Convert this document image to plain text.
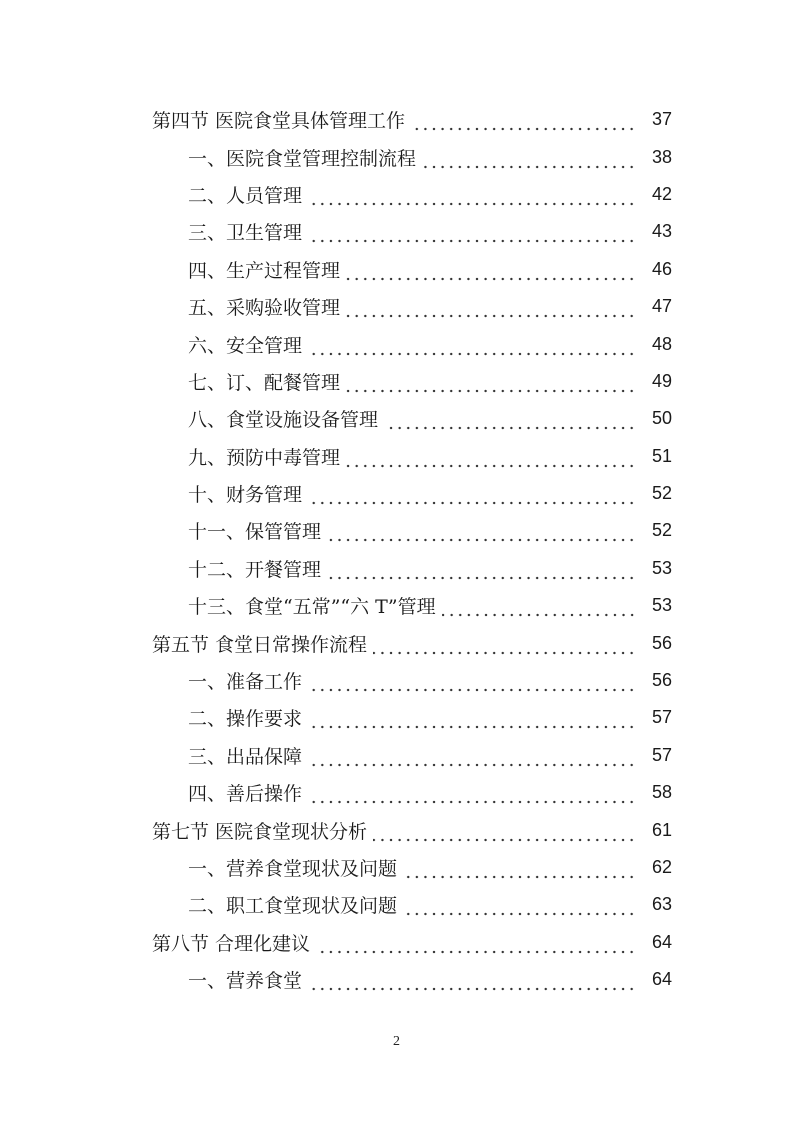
第四节 医院食堂具体管理工作	37
一、医院食堂管理控制流程	38
二、人员管理	42
三、卫生管理	43
四、生产过程管理	46
五、采购验收管理	47
六、安全管理	48
七、订、配餐管理	49
八、食堂设施设备管理	50
九、预防中毒管理	51
十、财务管理	52
十一、保管管理	52
十二、开餐管理	53
十三、食堂“五常”“六 T”管理	53
第五节 食堂日常操作流程	56
一、准备工作	56
二、操作要求	57
三、出品保障	57
四、善后操作	58
第七节 医院食堂现状分析	61
一、营养食堂现状及问题	62
二、职工食堂现状及问题	63
第八节 合理化建议	64
一、营养食堂	64
2
